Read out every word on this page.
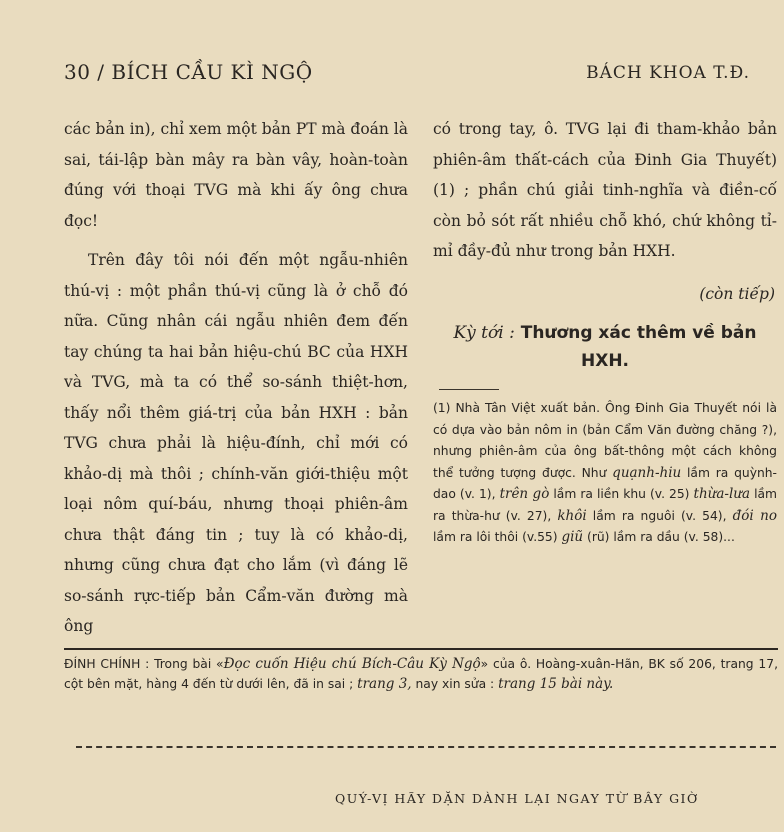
30 / BÍCH CẦU KÌ NGỘ	BÁCH KHOA T.Đ.

các bản in), chỉ xem một bản PT mà đoán là sai, tái-lập bàn mây ra bàn vây, hoàn-toàn đúng với thoại TVG mà khi ấy ông chưa đọc!

Trên đây tôi nói đến một ngẫu-nhiên thú-vị : một phần thú-vị cũng là ở chỗ đó nữa. Cũng nhân cái ngẫu nhiên đem đến tay chúng ta hai bản hiệu-chú BC của HXH và TVG, mà ta có thể so-sánh thiệt-hơn, thấy nổi thêm giá-trị của bản HXH : bản TVG chưa phải là hiệu-đính, chỉ mới có khảo-dị mà thôi ; chính-văn giới-thiệu một loại nôm quí-báu, nhưng thoại phiên-âm chưa thật đáng tin ; tuy là có khảo-dị, nhưng cũng chưa đạt cho lắm (vì đáng lẽ so-sánh rực-tiếp bản Cẩm-văn đường mà ông

có trong tay, ô. TVG lại đi tham-khảo bản phiên-âm thất-cách của Đinh Gia Thuyết) (1) ; phần chú giải tinh-nghĩa và điền-cố còn bỏ sót rất nhiều chỗ khó, chứ không tỉ-mỉ đầy-đủ như trong bản HXH.

(còn tiếp)
Kỳ tới : Thương xác thêm về bản HXH.
(1) Nhà Tân Việt xuất bản. Ông Đinh Gia Thuyết nói là có dựa vào bản nôm in (bản Cẩm Văn đường chăng ?), nhưng phiên-âm của ông bất-thông một cách không thể tưởng tượng được. Như quạnh-hiu lầm ra quỳnh-dao (v. 1), trên gò lầm ra liền khu (v. 25) thừa-lưa lầm ra thừa-hư (v. 27), khôi lầm ra nguôi (v. 54), đói no lầm ra lôi thôi (v.55) giũ (rũ) lầm ra dầu (v. 58)...
ĐÍNH CHÍNH : Trong bài «Đọc cuốn Hiệu chú Bích-Câu Kỳ Ngộ» của ô. Hoàng-xuân-Hãn, BK số 206, trang 17, cột bên mặt, hàng 4 đến từ dưới lên, đã in sai ; trang 3, nay xin sửa : trang 15 bài này.
QUÝ-VỊ HÃY DẶN DÀNH LẠI NGAY TỪ BÂY GIỜ
